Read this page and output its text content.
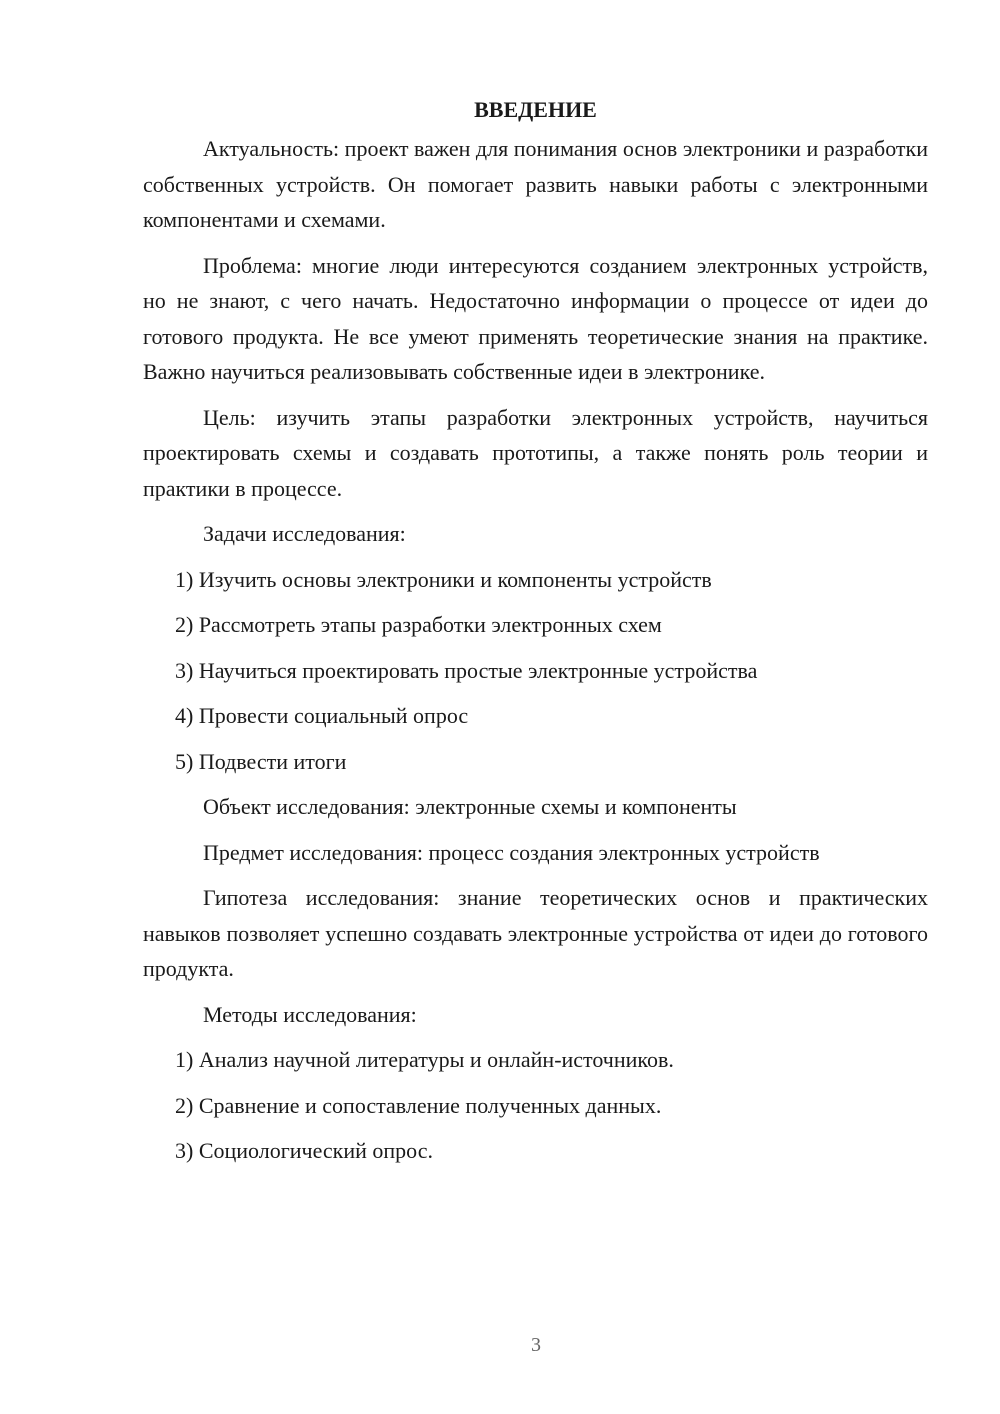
ВВЕДЕНИЕ
Актуальность: проект важен для понимания основ электроники и разработки собственных устройств. Он помогает развить навыки работы с электронными компонентами и схемами.
Проблема: многие люди интересуются созданием электронных устройств, но не знают, с чего начать. Недостаточно информации о процессе от идеи до готового продукта. Не все умеют применять теоретические знания на практике. Важно научиться реализовывать собственные идеи в электронике.
Цель: изучить этапы разработки электронных устройств, научиться проектировать схемы и создавать прототипы, а также понять роль теории и практики в процессе.
Задачи исследования:
1) Изучить основы электроники и компоненты устройств
2) Рассмотреть этапы разработки электронных схем
3) Научиться проектировать простые электронные устройства
4) Провести социальный опрос
5) Подвести итоги
Объект исследования: электронные схемы и компоненты
Предмет исследования: процесс создания электронных устройств
Гипотеза исследования: знание теоретических основ и практических навыков позволяет успешно создавать электронные устройства от идеи до готового продукта.
Методы исследования:
1) Анализ научной литературы и онлайн-источников.
2) Сравнение и сопоставление полученных данных.
3) Социологический опрос.
3
